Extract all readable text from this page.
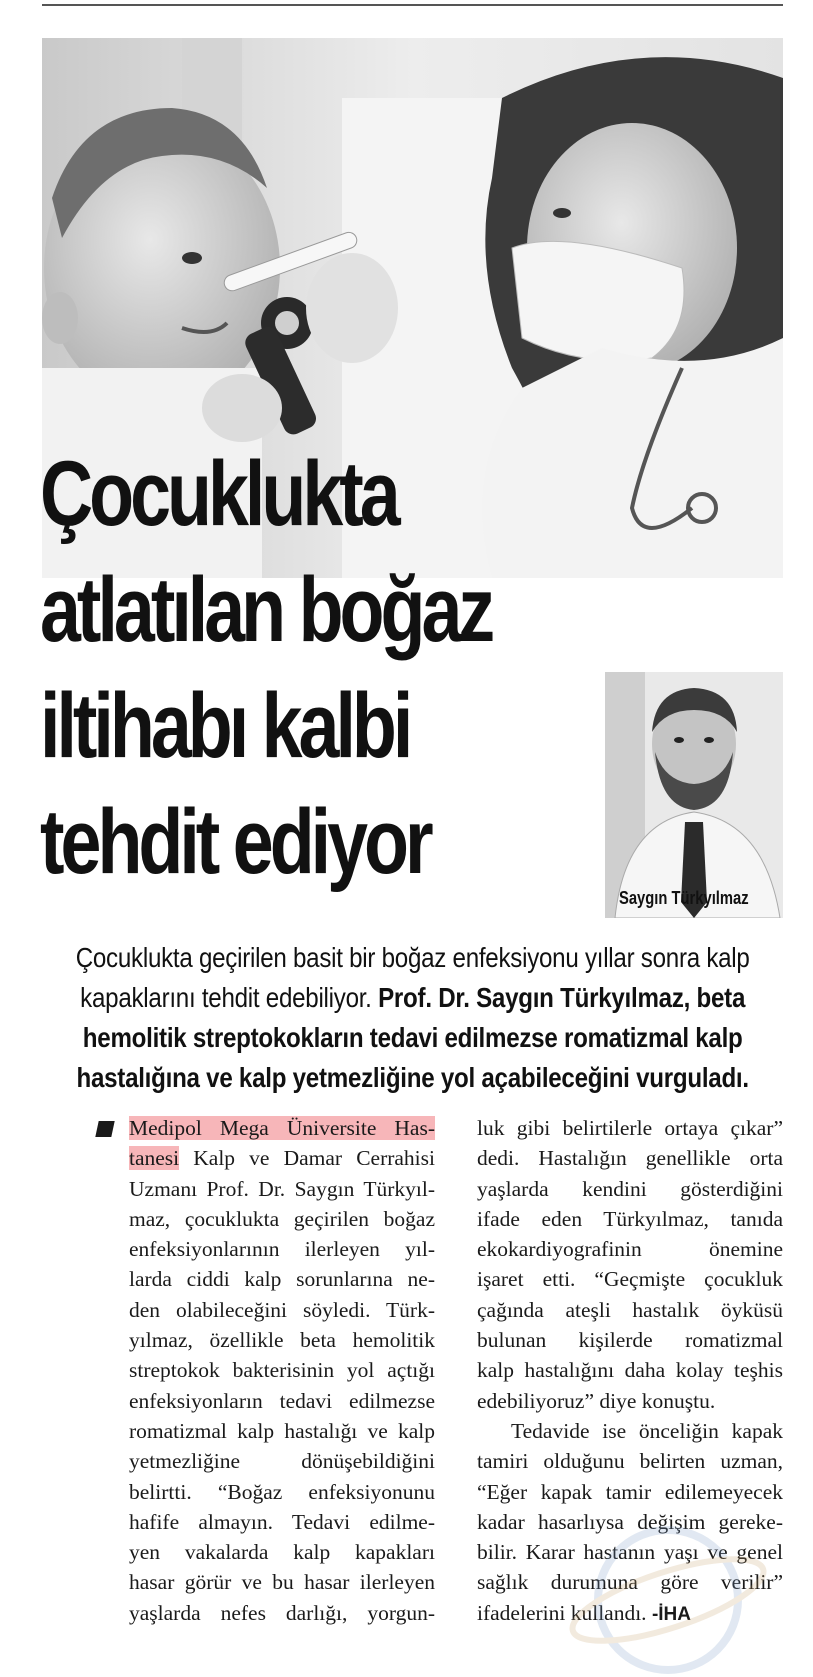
Çocuklukta
atlatılan boğaz
iltihabı kalbi
tehdit ediyor
Saygın Türkyılmaz
Çocuklukta geçirilen basit bir boğaz enfeksiyonu yıllar sonra kalp
kapaklarını tehdit edebiliyor. Prof. Dr. Saygın Türkyılmaz, beta
hemolitik streptokokların tedavi edilmezse romatizmal kalp
hastalığına ve kalp yetmezliğine yol açabileceğini vurguladı.
Medipol Mega Üniversite Has-
tanesi Kalp ve Damar Cerrahisi
Uzmanı Prof. Dr. Saygın Türkyıl-
maz, çocuklukta geçirilen boğaz
enfeksiyonlarının ilerleyen yıl-
larda ciddi kalp sorunlarına ne-
den olabileceğini söyledi. Türk-
yılmaz, özellikle beta hemolitik
streptokok bakterisinin yol açtığı
enfeksiyonların tedavi edilmezse
romatizmal kalp hastalığı ve kalp
yetmezliğine dönüşebildiğini
belirtti. “Boğaz enfeksiyonunu
hafife almayın. Tedavi edilme-
yen vakalarda kalp kapakları
hasar görür ve bu hasar ilerleyen
yaşlarda nefes darlığı, yorgun-
luk gibi belirtilerle ortaya çıkar”
dedi. Hastalığın genellikle orta
yaşlarda kendini gösterdiğini
ifade eden Türkyılmaz, tanıda
ekokardiyografinin önemine
işaret etti. “Geçmişte çocukluk
çağında ateşli hastalık öyküsü
bulunan kişilerde romatizmal
kalp hastalığını daha kolay teşhis
edebiliyoruz” diye konuştu.
Tedavide ise önceliğin kapak
tamiri olduğunu belirten uzman,
“Eğer kapak tamir edilemeyecek
kadar hasarlıysa değişim gereke-
bilir. Karar hastanın yaşı ve genel
sağlık durumuna göre verilir”
ifadelerini kullandı. -İHA
